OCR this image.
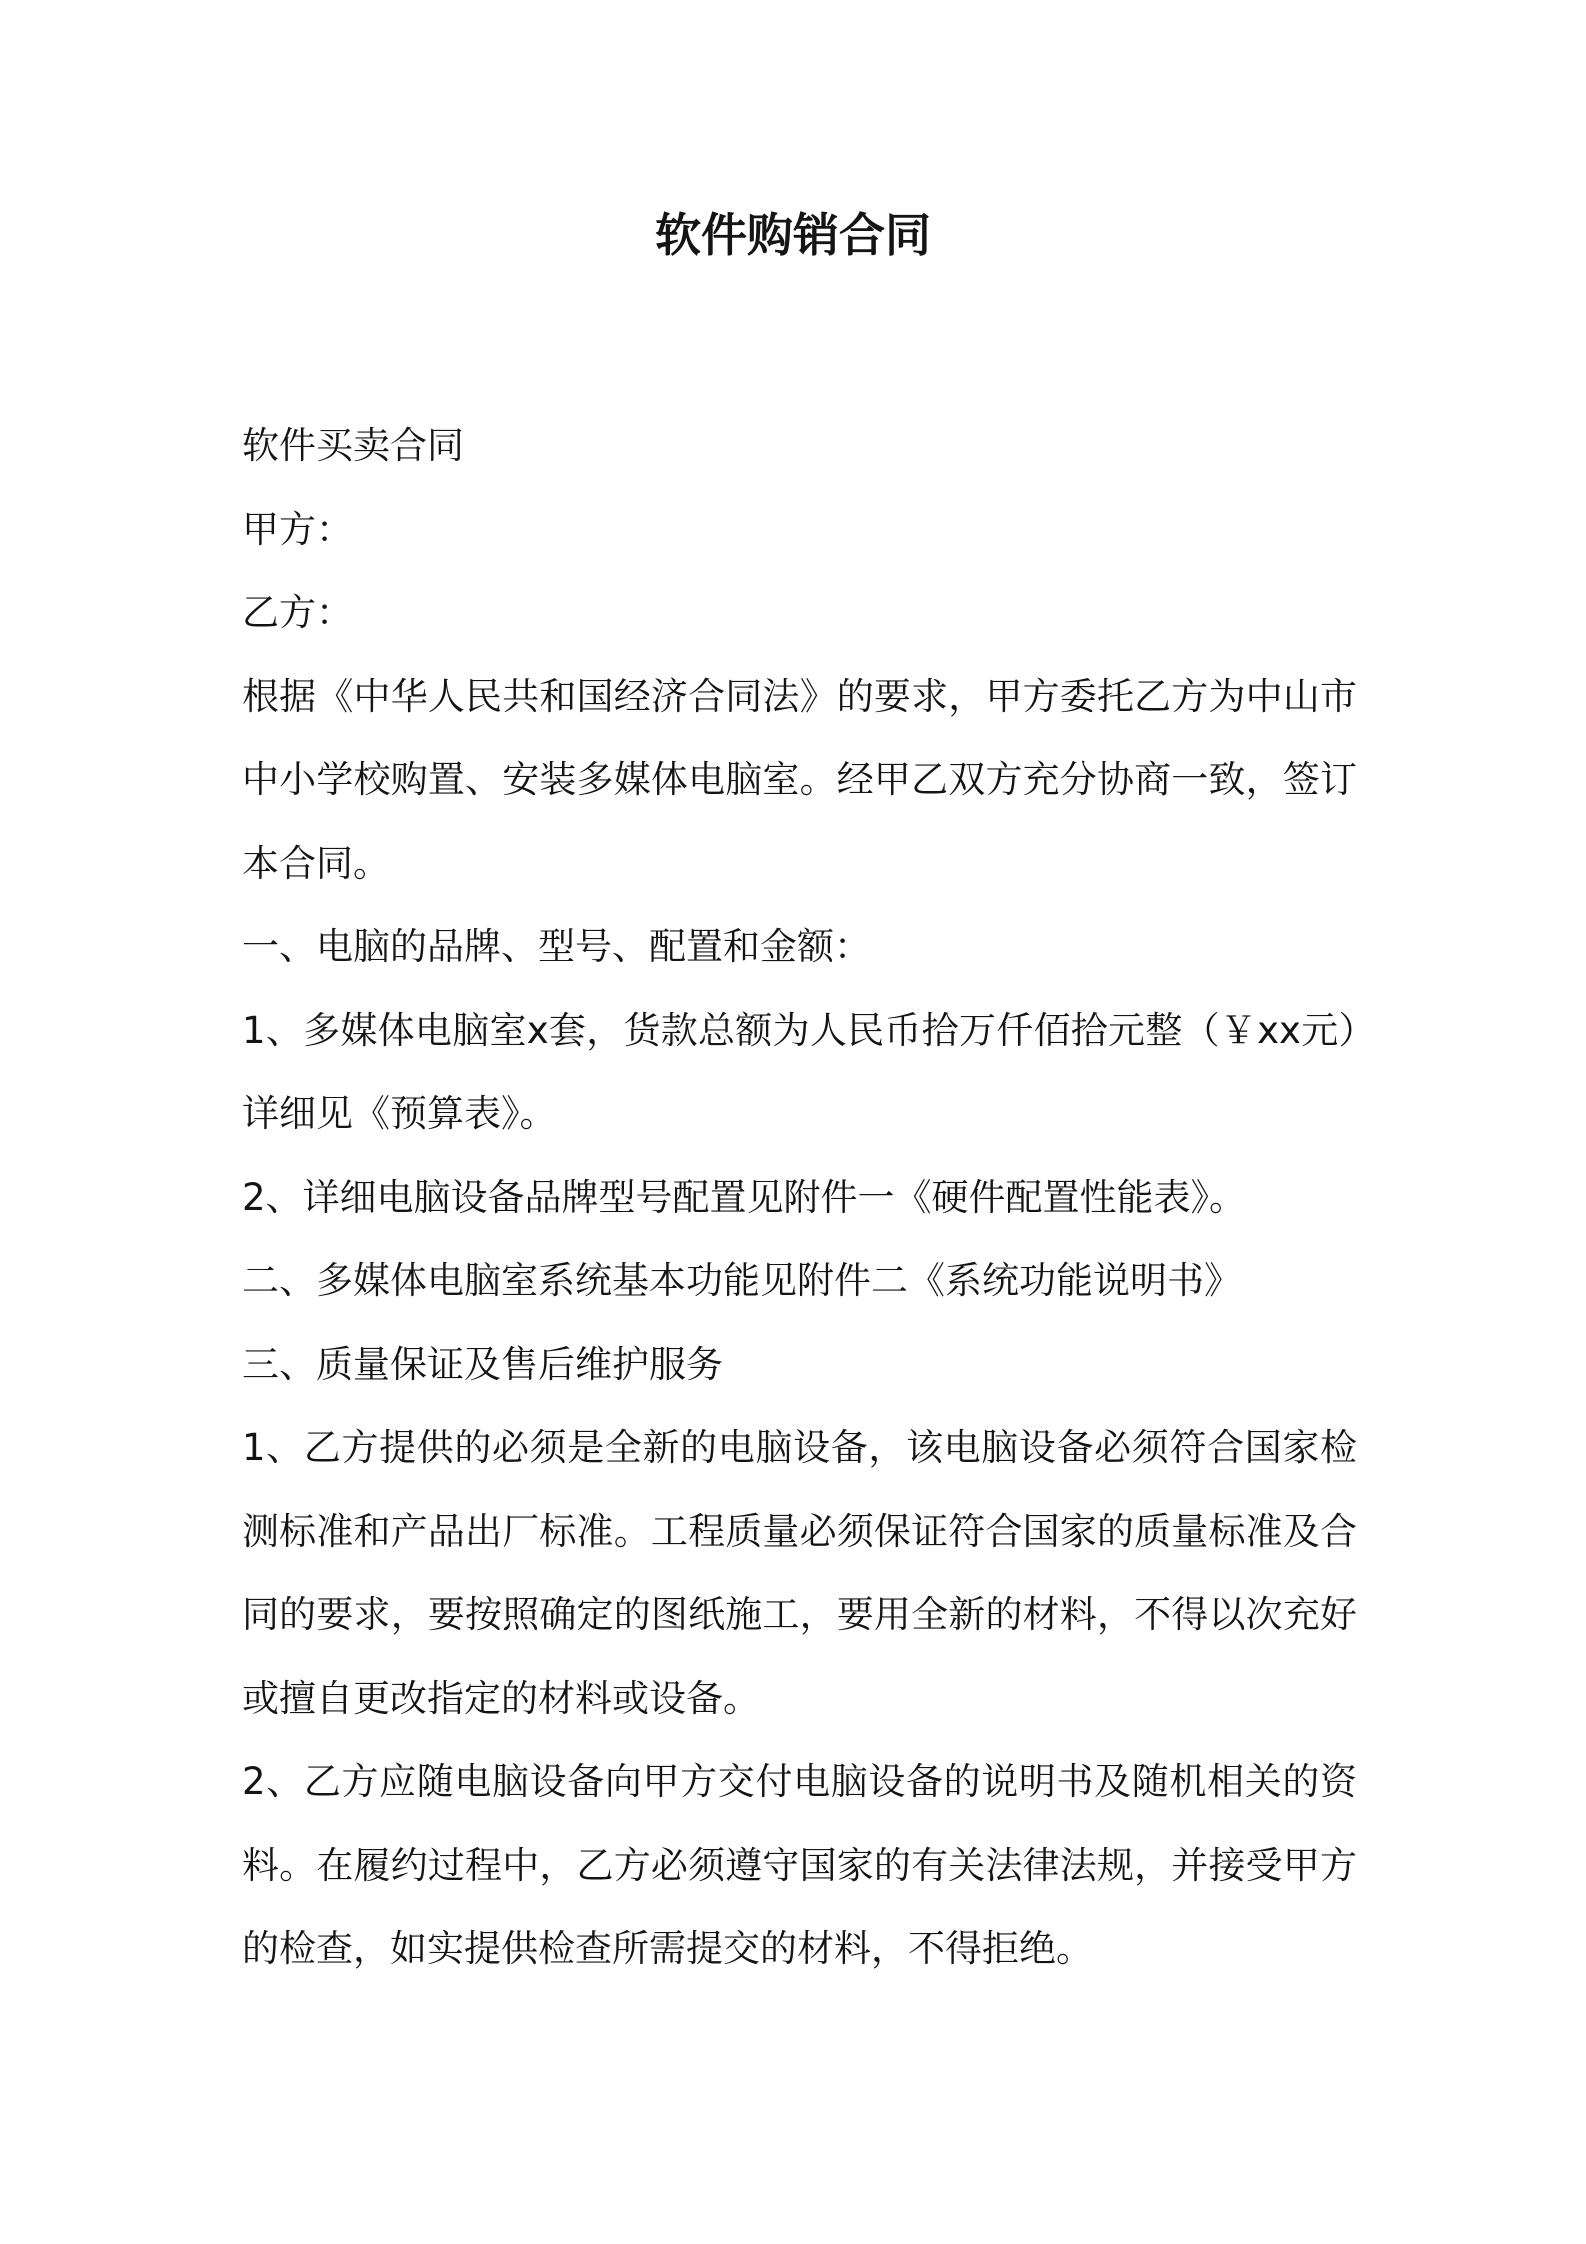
软件购销合同

软件买卖合同

甲方：

乙方：

根据《中华人民共和国经济合同法》的要求，甲方委托乙方为中山市中小学校购置、安装多媒体电脑室。经甲乙双方充分协商一致，签订本合同。

一、电脑的品牌、型号、配置和金额：

1、多媒体电脑室x套，货款总额为人民币拾万仟佰拾元整（￥xx元）详细见《预算表》。

2、详细电脑设备品牌型号配置见附件一《硬件配置性能表》。

二、多媒体电脑室系统基本功能见附件二《系统功能说明书》

三、质量保证及售后维护服务

1、乙方提供的必须是全新的电脑设备，该电脑设备必须符合国家检测标准和产品出厂标准。工程质量必须保证符合国家的质量标准及合同的要求，要按照确定的图纸施工，要用全新的材料，不得以次充好或擅自更改指定的材料或设备。

2、乙方应随电脑设备向甲方交付电脑设备的说明书及随机相关的资料。在履约过程中，乙方必须遵守国家的有关法律法规，并接受甲方的检查，如实提供检查所需提交的材料，不得拒绝。
